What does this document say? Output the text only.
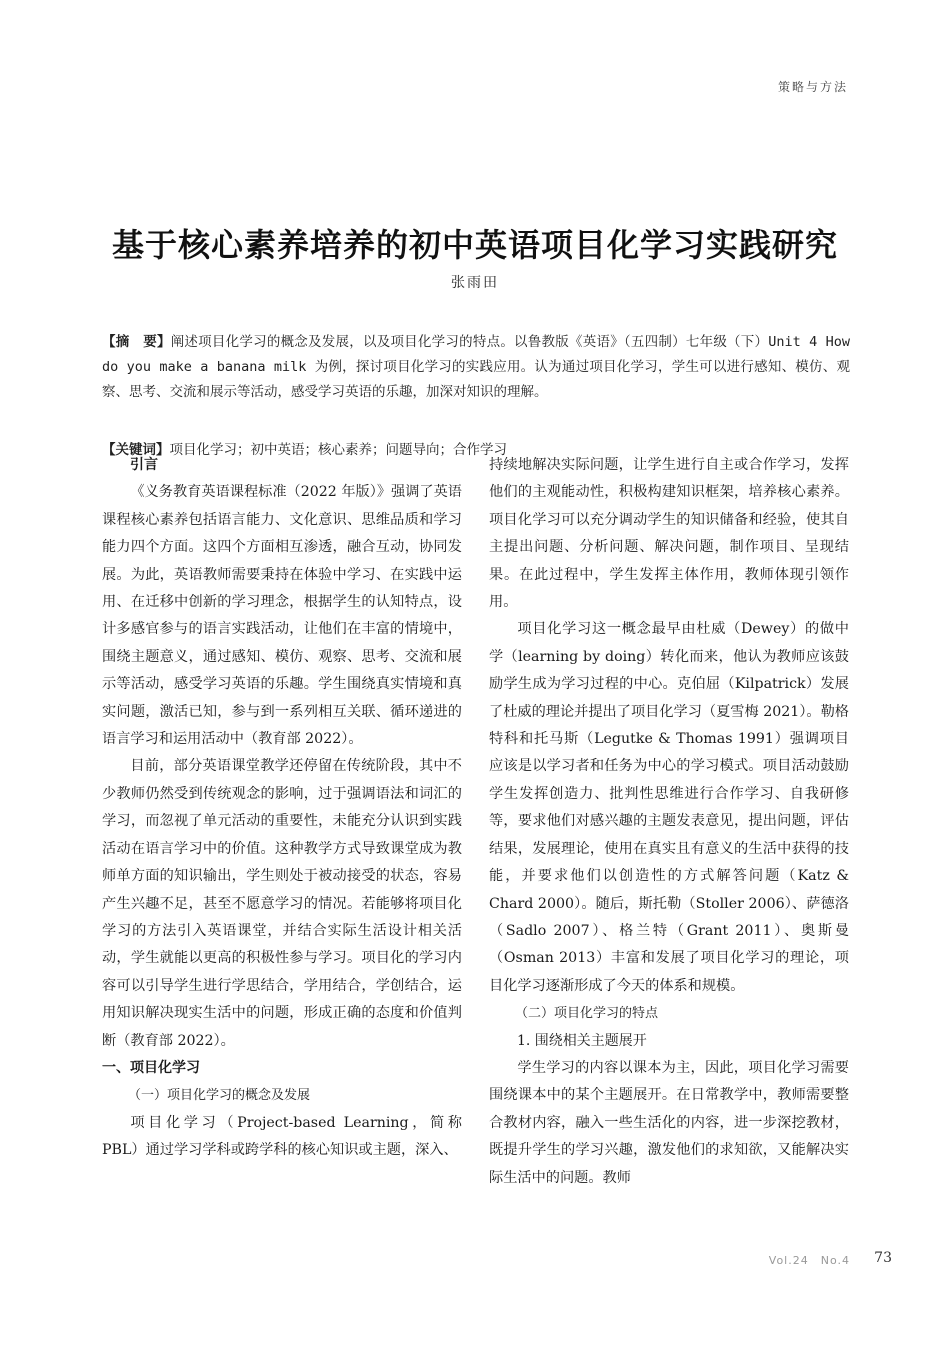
策略与方法
基于核心素养培养的初中英语项目化学习实践研究
张雨田
【摘　要】阐述项目化学习的概念及发展，以及项目化学习的特点。以鲁教版《英语》（五四制）七年级（下）Unit 4 How do you make a banana milk 为例，探讨项目化学习的实践应用。认为通过项目化学习，学生可以进行感知、模仿、观察、思考、交流和展示等活动，感受学习英语的乐趣，加深对知识的理解。
【关键词】项目化学习；初中英语；核心素养；问题导向；合作学习
引言

《义务教育英语课程标准（2022 年版）》强调了英语课程核心素养包括语言能力、文化意识、思维品质和学习能力四个方面。这四个方面相互渗透，融合互动，协同发展。为此，英语教师需要秉持在体验中学习、在实践中运用、在迁移中创新的学习理念，根据学生的认知特点，设计多感官参与的语言实践活动，让他们在丰富的情境中，围绕主题意义，通过感知、模仿、观察、思考、交流和展示等活动，感受学习英语的乐趣。学生围绕真实情境和真实问题，激活已知，参与到一系列相互关联、循环递进的语言学习和运用活动中（教育部 2022）。

目前，部分英语课堂教学还停留在传统阶段，其中不少教师仍然受到传统观念的影响，过于强调语法和词汇的学习，而忽视了单元活动的重要性，未能充分认识到实践活动在语言学习中的价值。这种教学方式导致课堂成为教师单方面的知识输出，学生则处于被动接受的状态，容易产生兴趣不足，甚至不愿意学习的情况。若能够将项目化学习的方法引入英语课堂，并结合实际生活设计相关活动，学生就能以更高的积极性参与学习。项目化的学习内容可以引导学生进行学思结合，学用结合，学创结合，运用知识解决现实生活中的问题，形成正确的态度和价值判断（教育部 2022）。

一、项目化学习
（一）项目化学习的概念及发展

项目化学习（Project-based Learning，简称 PBL）通过学习学科或跨学科的核心知识或主题，深入、

持续地解决实际问题，让学生进行自主或合作学习，发挥他们的主观能动性，积极构建知识框架，培养核心素养。项目化学习可以充分调动学生的知识储备和经验，使其自主提出问题、分析问题、解决问题，制作项目、呈现结果。在此过程中，学生发挥主体作用，教师体现引领作用。

项目化学习这一概念最早由杜威（Dewey）的做中学（learning by doing）转化而来，他认为教师应该鼓励学生成为学习过程的中心。克伯屈（Kilpatrick）发展了杜威的理论并提出了项目化学习（夏雪梅 2021）。勒格特科和托马斯（Legutke & Thomas 1991）强调项目应该是以学习者和任务为中心的学习模式。项目活动鼓励学生发挥创造力、批判性思维进行合作学习、自我研修等，要求他们对感兴趣的主题发表意见，提出问题，评估结果，发展理论，使用在真实且有意义的生活中获得的技能，并要求他们以创造性的方式解答问题（Katz & Chard 2000）。随后，斯托勒（Stoller 2006）、萨德洛（Sadlo 2007）、格兰特（Grant 2011）、奥斯曼（Osman 2013）丰富和发展了项目化学习的理论，项目化学习逐渐形成了今天的体系和规模。

（二）项目化学习的特点
1. 围绕相关主题展开

学生学习的内容以课本为主，因此，项目化学习需要围绕课本中的某个主题展开。在日常教学中，教师需要整合教材内容，融入一些生活化的内容，进一步深挖教材，既提升学生的学习兴趣，激发他们的求知欲，又能解决实际生活中的问题。教师

Vol.24　No.4 73
